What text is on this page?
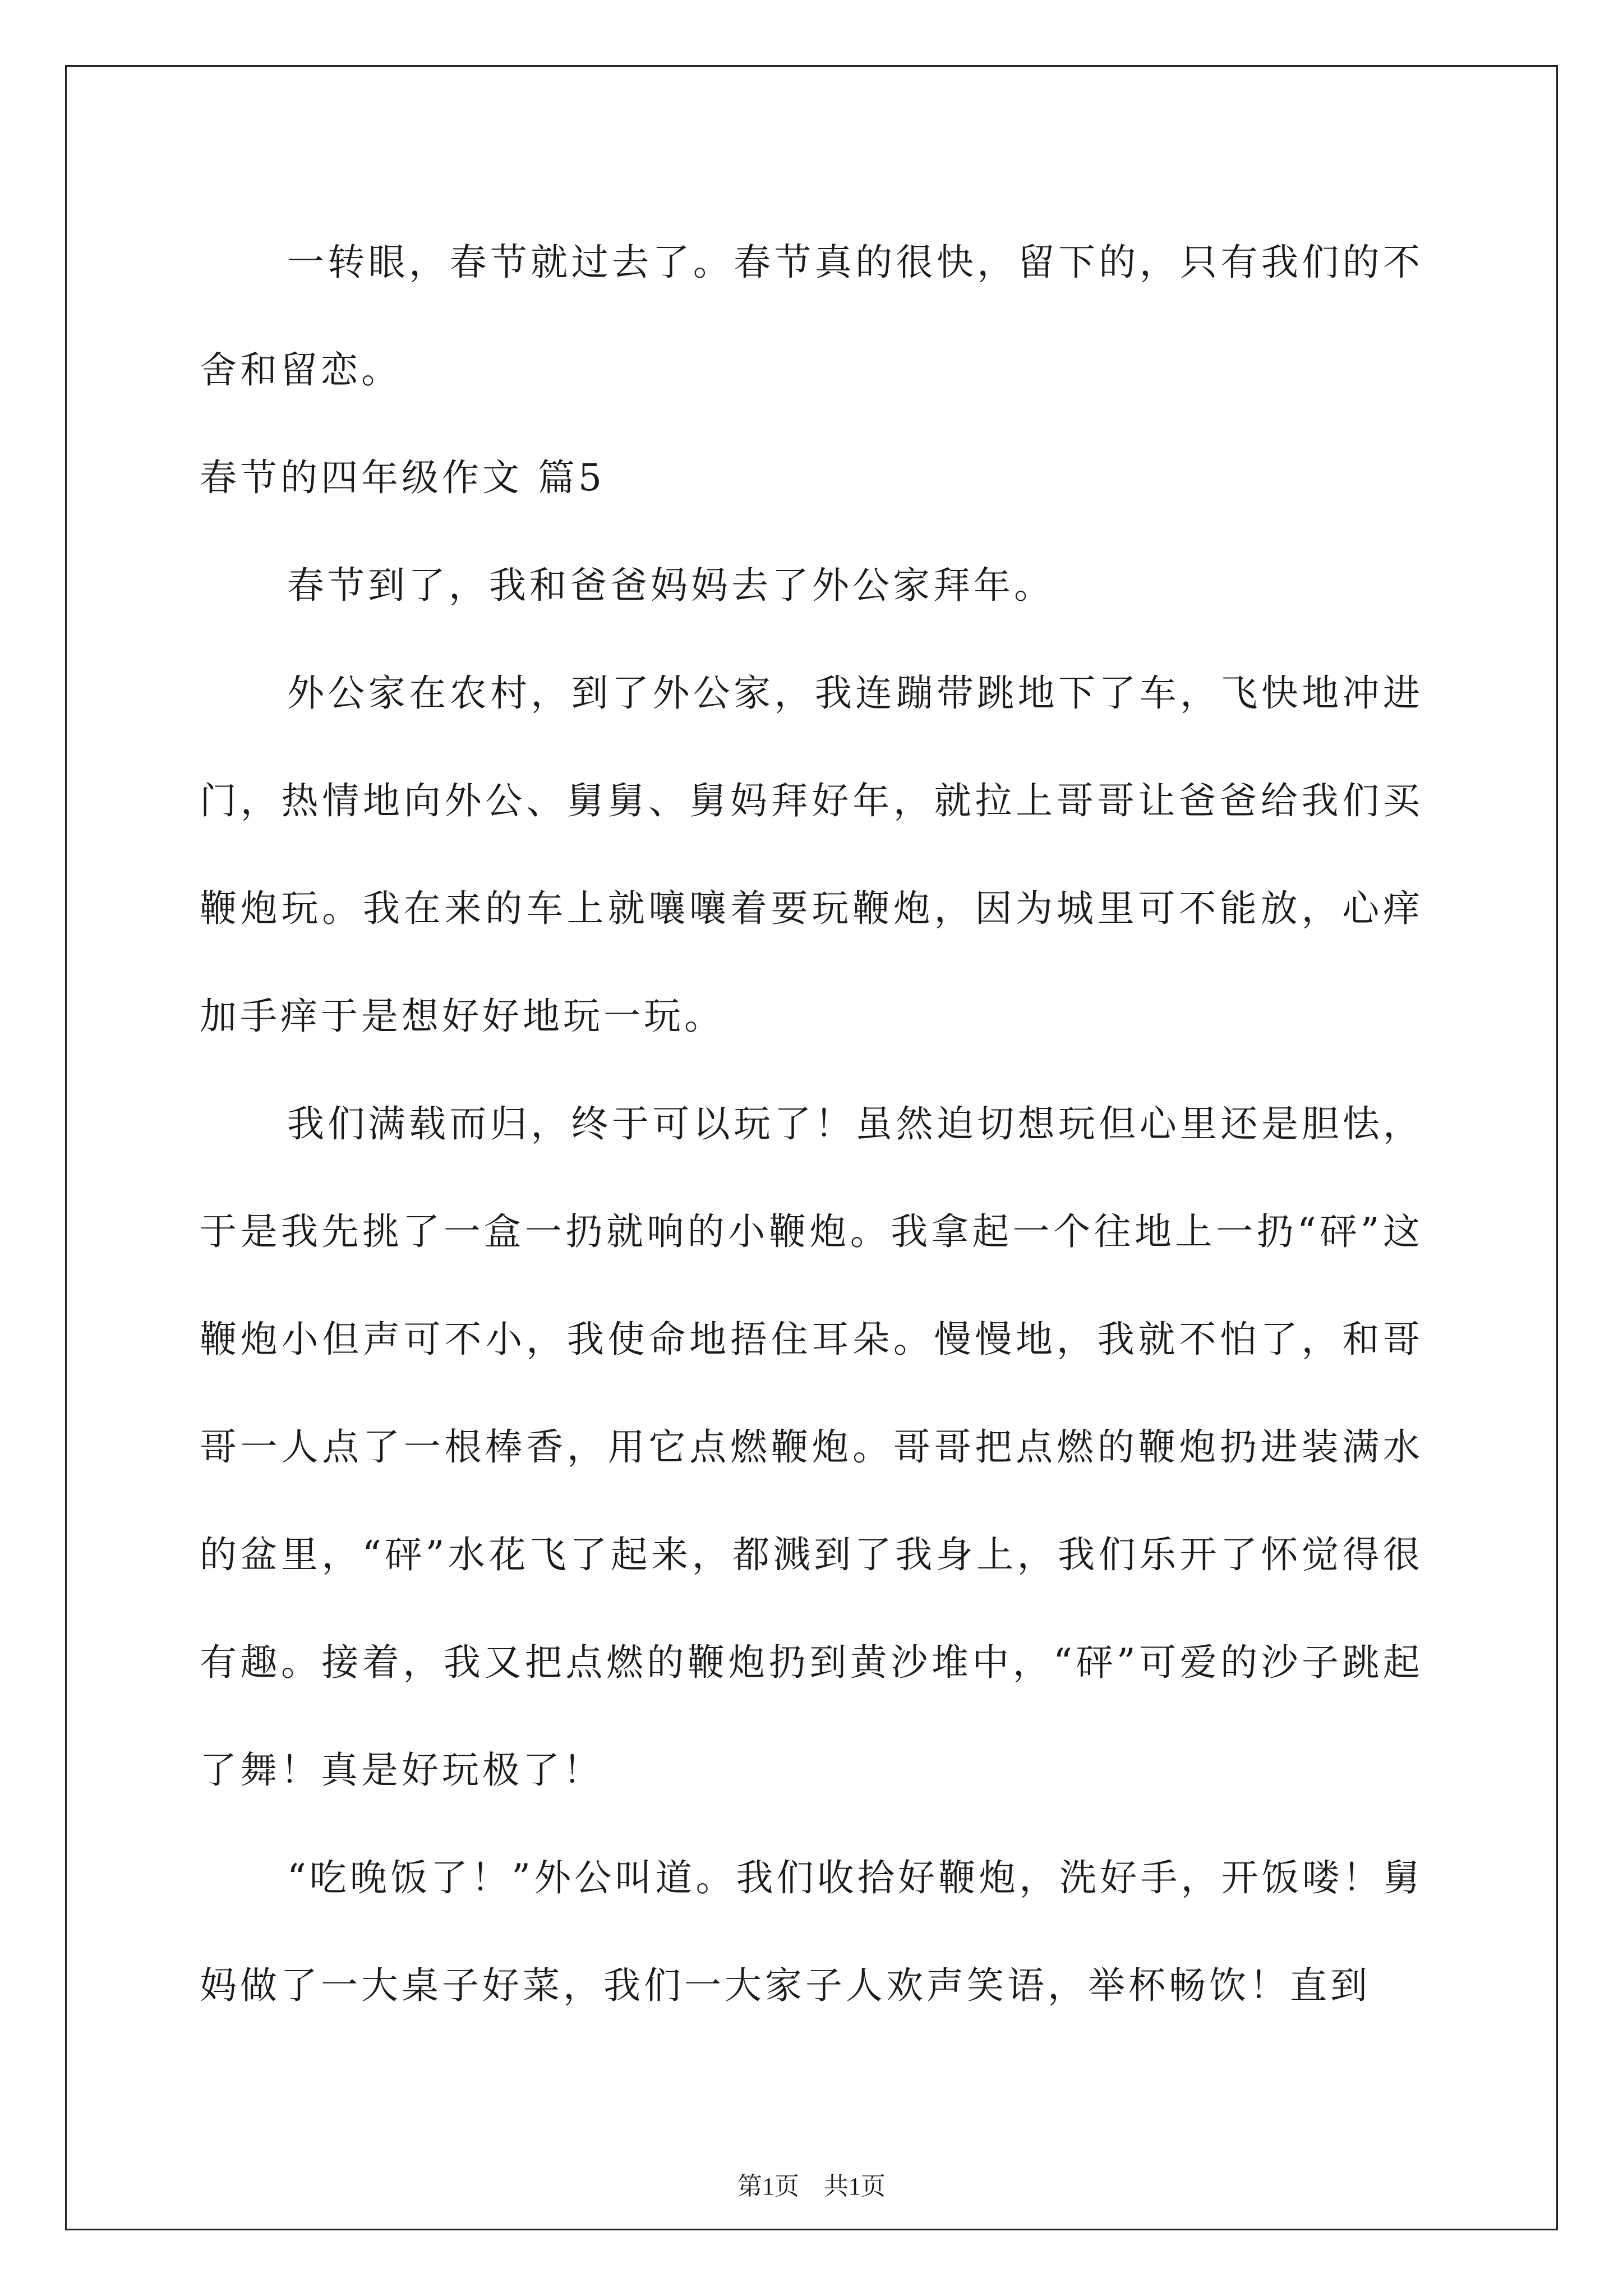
一转眼，春节就过去了。春节真的很快，留下的，只有我们的不舍和留恋。

春节的四年级作文 篇5

春节到了，我和爸爸妈妈去了外公家拜年。

外公家在农村，到了外公家，我连蹦带跳地下了车，飞快地冲进门，热情地向外公、舅舅、舅妈拜好年，就拉上哥哥让爸爸给我们买鞭炮玩。我在来的车上就嚷嚷着要玩鞭炮，因为城里可不能放，心痒加手痒于是想好好地玩一玩。

我们满载而归，终于可以玩了！虽然迫切想玩但心里还是胆怯，于是我先挑了一盒一扔就响的小鞭炮。我拿起一个往地上一扔“砰”这鞭炮小但声可不小，我使命地捂住耳朵。慢慢地，我就不怕了，和哥哥一人点了一根棒香，用它点燃鞭炮。哥哥把点燃的鞭炮扔进装满水的盆里，“砰”水花飞了起来，都溅到了我身上，我们乐开了怀觉得很有趣。接着，我又把点燃的鞭炮扔到黄沙堆中，“砰”可爱的沙子跳起了舞！真是好玩极了！

“吃晚饭了！”外公叫道。我们收拾好鞭炮，洗好手，开饭喽！舅妈做了一大桌子好菜，我们一大家子人欢声笑语，举杯畅饮！直到

第1页　共1页
